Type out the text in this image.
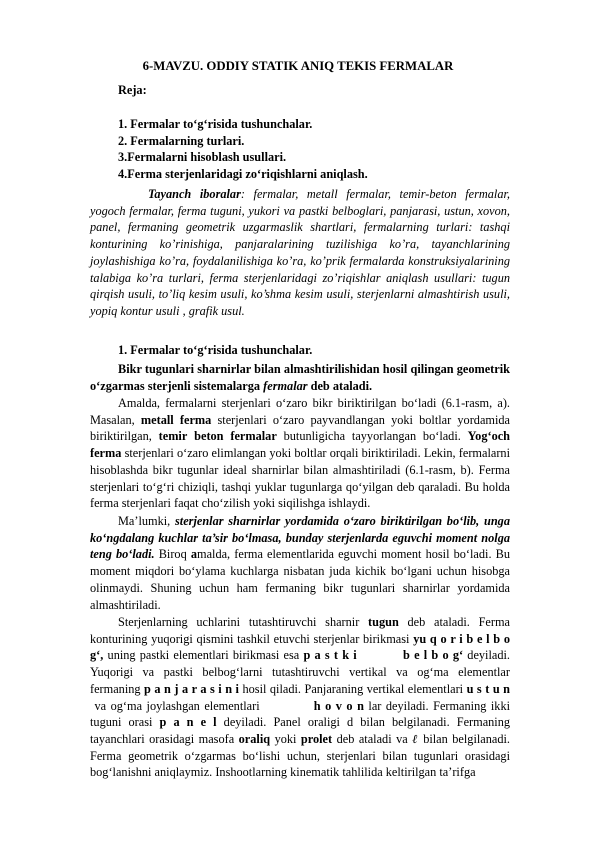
6-MAVZU. ODDIY STATIK ANIQ TEKIS FERMALAR
Reja:
1. Fermalar to‘g‘risida tushunchalar.
2. Fermalarning turlari.
3.Fermalarni hisoblash usullari.
4.Ferma sterjenlaridagi zo‘riqishlarni aniqlash.
Tayanch iboralar: fermalar, metall fermalar, temir-beton fermalar, yogoch fermalar, ferma tuguni, yukori va pastki belboglari, panjarasi, ustun, xovon, panel, fermaning geometrik uzgarmaslik shartlari, fermalarning turlari: tashqi konturining ko’rinishiga, panjaralarining tuzilishiga ko’ra, tayanchlarining joylashishiga ko’ra, foydalanilishiga ko’ra, ko’prik fermalarda konstruksiyalarining talabiga ko’ra turlari, ferma sterjenlaridagi zo’riqishlar aniqlash usullari: tugun qirqish usuli, to’liq kesim usuli, ko’shma kesim usuli, sterjenlarni almashtirish usuli, yopiq kontur usuli , grafik usul.
1. Fermalar to‘g‘risida tushunchalar.
Bikr tugunlari sharnirlar bilan almashtirilishidan hosil qilingan geometrik o‘zgarmas sterjenli sistemalarga fermalar deb ataladi.
Amalda, fermalarni sterjenlari o‘zaro bikr biriktirilgan bo‘ladi (6.1-rasm, a). Masalan, metall ferma sterjenlari o‘zaro payvandlangan yoki boltlar yordamida biriktirilgan, temir beton fermalar butunligicha tayyorlangan bo‘ladi. Yog‘och ferma sterjenlari o‘zaro elimlangan yoki boltlar orqali biriktiriladi. Lekin, fermalarni hisoblashda bikr tugunlar ideal sharnirlar bilan almashtiriladi (6.1-rasm, b). Ferma sterjenlari to‘g‘ri chiziqli, tashqi yuklar tugunlarga qo‘yilgan deb qaraladi. Bu holda ferma sterjenlari faqat cho‘zilish yoki siqilishga ishlaydi.
Ma’lumki, sterjenlar sharnirlar yordamida o‘zaro biriktirilgan bo‘lib, unga ko‘ngdalang kuchlar ta’sir bo‘lmasa, bunday sterjenlarda eguvchi moment nolga teng bo‘ladi. Biroq amalda, ferma elementlarida eguvchi moment hosil bo‘ladi. Bu moment miqdori bo‘ylama kuchlarga nisbatan juda kichik bo‘lgani uchun hisobga olinmaydi. Shuning uchun ham fermaning bikr tugunlari sharnirlar yordamida almashtiriladi.
Sterjenlarning uchlarini tutashtiruvchi sharnir tugun deb ataladi. Ferma konturining yuqorigi qismini tashkil etuvchi sterjenlar birikmasi yu q o r i b e l b o g‘, uning pastki elementlari birikmasi esa p a s t k i	b e l b o g‘ deyiladi. Yuqorigi va pastki belbog‘larni tutashtiruvchi vertikal va og‘ma elementlar fermaning p a n j a r a s i n i hosil qiladi. Panjaraning vertikal elementlari u s t u n va og‘ma joylashgan elementlari            h o v o n lar deyiladi. Fermaning ikki tuguni orasi p a n e l deyiladi. Panel oraligi d bilan belgilanadi. Fermaning tayanchlari orasidagi masofa oraliq yoki prolet deb ataladi va ℓ bilan belgilanadi. Ferma geometrik o‘zgarmas bo‘lishi uchun, sterjenlari bilan tugunlari orasidagi bog‘lanishni aniqlaymiz. Inshootlarning kinematik tahlilida keltirilgan ta’rifga
